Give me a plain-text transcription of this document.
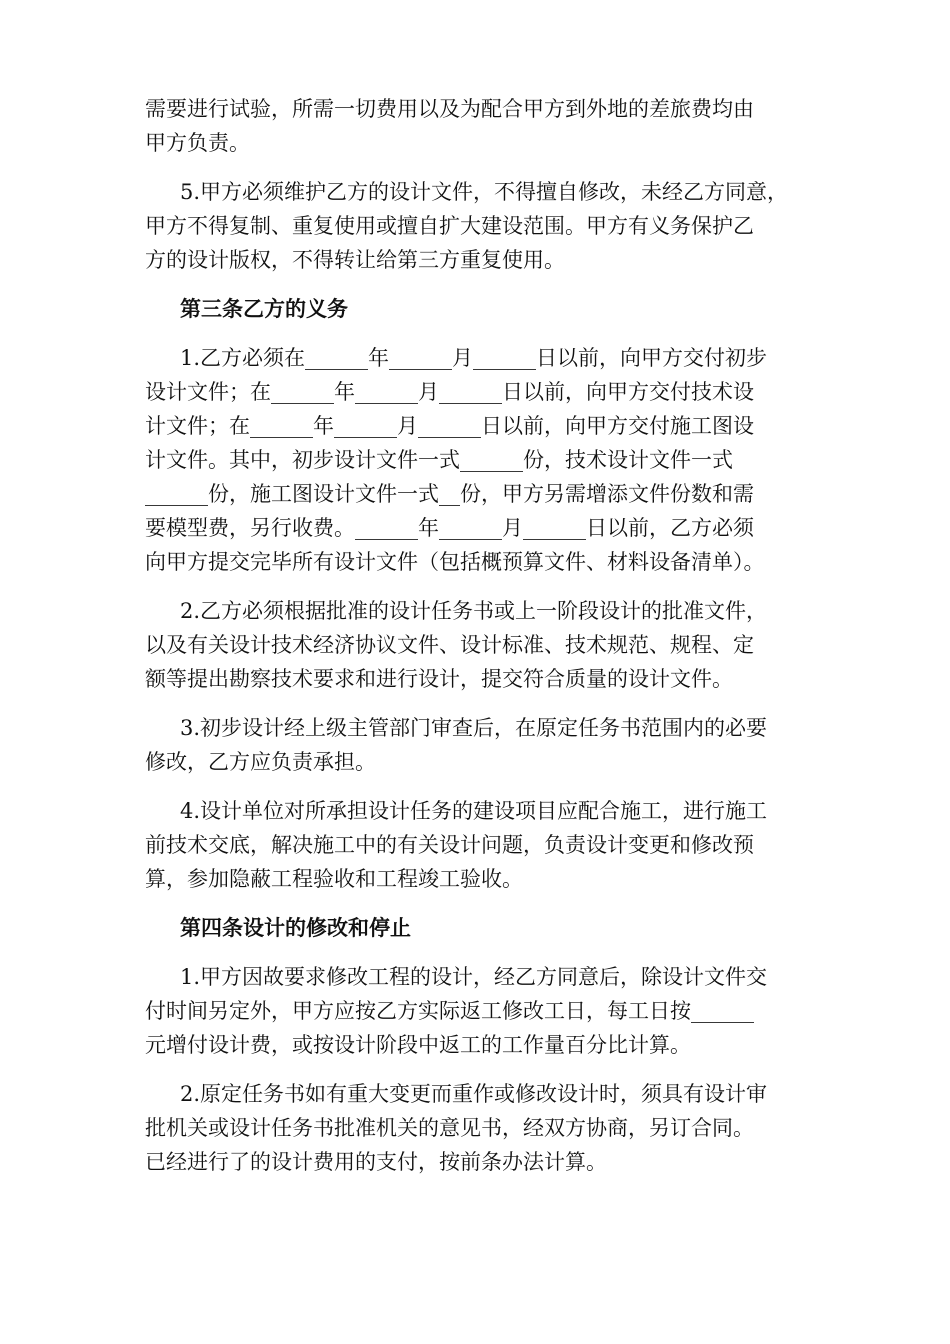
需要进行试验，所需一切费用以及为配合甲方到外地的差旅费均由
甲方负责。
5.甲方必须维护乙方的设计文件，不得擅自修改，未经乙方同意，
甲方不得复制、重复使用或擅自扩大建设范围。甲方有义务保护乙
方的设计版权，不得转让给第三方重复使用。
第三条乙方的义务
1.乙方必须在______年______月______日以前，向甲方交付初步
设计文件；在______年______月______日以前，向甲方交付技术设
计文件；在______年______月______日以前，向甲方交付施工图设
计文件。其中，初步设计文件一式______份，技术设计文件一式
______份，施工图设计文件一式__份，甲方另需增添文件份数和需
要模型费，另行收费。______年______月______日以前，乙方必须
向甲方提交完毕所有设计文件（包括概预算文件、材料设备清单）。
2.乙方必须根据批准的设计任务书或上一阶段设计的批准文件，
以及有关设计技术经济协议文件、设计标准、技术规范、规程、定
额等提出勘察技术要求和进行设计，提交符合质量的设计文件。
3.初步设计经上级主管部门审查后，在原定任务书范围内的必要
修改，乙方应负责承担。
4.设计单位对所承担设计任务的建设项目应配合施工，进行施工
前技术交底，解决施工中的有关设计问题，负责设计变更和修改预
算，参加隐蔽工程验收和工程竣工验收。
第四条设计的修改和停止
1.甲方因故要求修改工程的设计，经乙方同意后，除设计文件交
付时间另定外，甲方应按乙方实际返工修改工日，每工日按______
元增付设计费，或按设计阶段中返工的工作量百分比计算。
2.原定任务书如有重大变更而重作或修改设计时，须具有设计审
批机关或设计任务书批准机关的意见书，经双方协商，另订合同。
已经进行了的设计费用的支付，按前条办法计算。
